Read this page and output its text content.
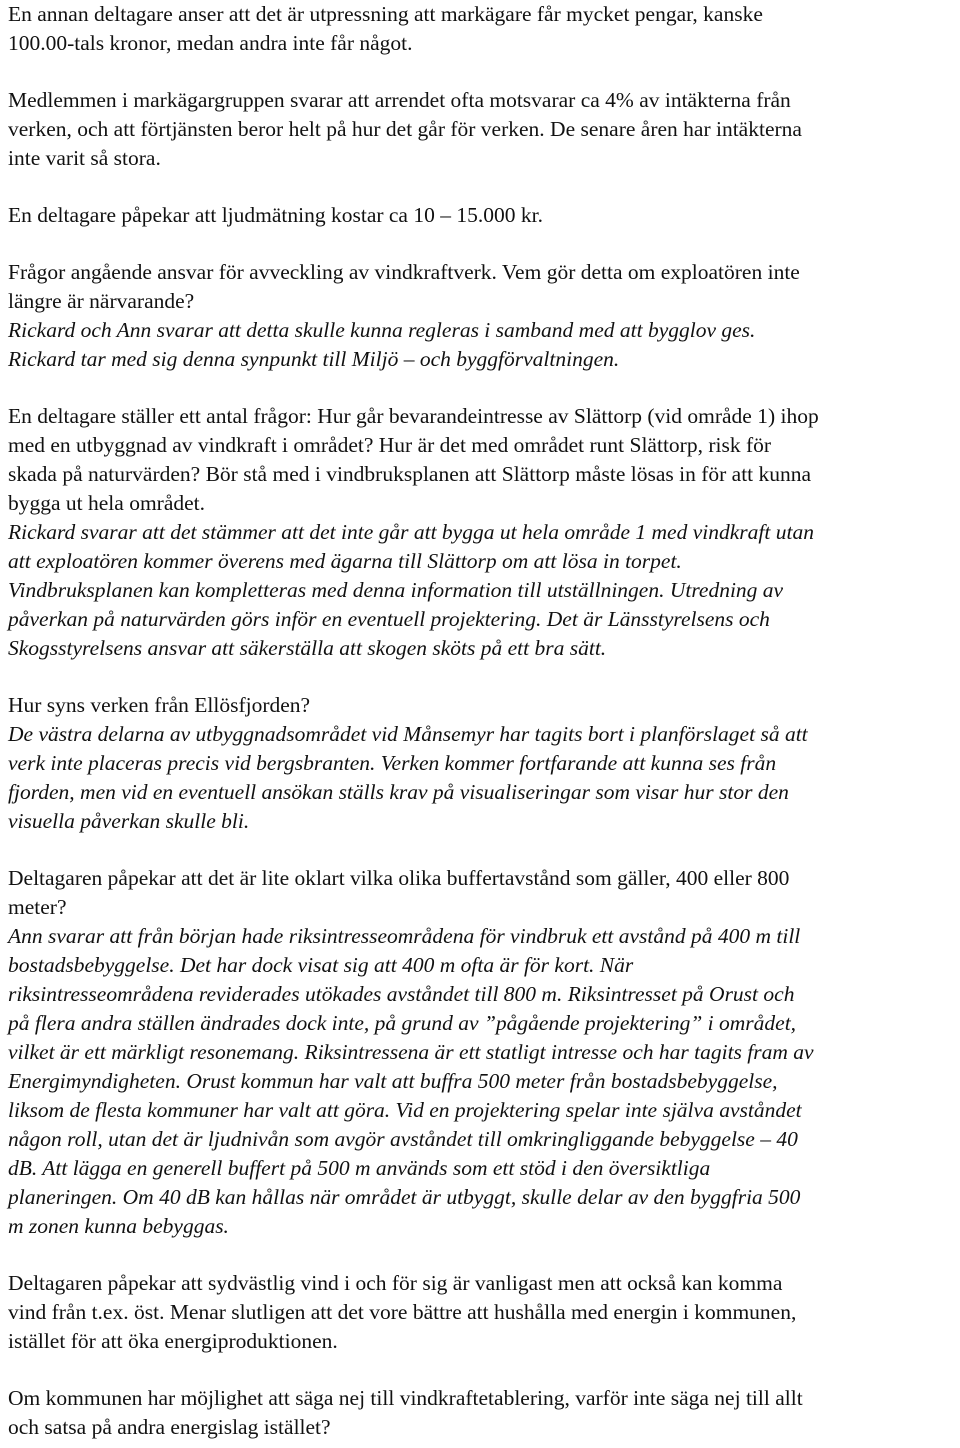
En annan deltagare anser att det är utpressning att markägare får mycket pengar, kanske
100.00-tals kronor, medan andra inte får något.
Medlemmen i markägargruppen svarar att arrendet ofta motsvarar ca 4% av intäkterna från
verken, och att förtjänsten beror helt på hur det går för verken. De senare åren har intäkterna
inte varit så stora.
En deltagare påpekar att ljudmätning kostar ca 10 – 15.000 kr.
Frågor angående ansvar för avveckling av vindkraftverk. Vem gör detta om exploatören inte
längre är närvarande?
Rickard och Ann svarar att detta skulle kunna regleras i samband med att bygglov ges.
Rickard tar med sig denna synpunkt till Miljö – och byggförvaltningen.
En deltagare ställer ett antal frågor: Hur går bevarandeintresse av Slättorp (vid område 1) ihop
med en utbyggnad av vindkraft i området? Hur är det med området runt Slättorp, risk för
skada på naturvärden? Bör stå med i vindbruksplanen att Slättorp måste lösas in för att kunna
bygga ut hela området.
Rickard svarar att det stämmer att det inte går att bygga ut hela område 1 med vindkraft utan
att exploatören kommer överens med ägarna till Slättorp om att lösa in torpet.
Vindbruksplanen kan kompletteras med denna information till utställningen. Utredning av
påverkan på naturvärden görs inför en eventuell projektering. Det är Länsstyrelsens och
Skogsstyrelsens ansvar att säkerställa att skogen sköts på ett bra sätt.
Hur syns verken från Ellösfjorden?
De västra delarna av utbyggnadsområdet vid Månsemyr har tagits bort i planförslaget så att
verk inte placeras precis vid bergsbranten. Verken kommer fortfarande att kunna ses från
fjorden, men vid en eventuell ansökan ställs krav på visualiseringar som visar hur stor den
visuella påverkan skulle bli.
Deltagaren påpekar att det är lite oklart vilka olika buffertavstånd som gäller, 400 eller 800
meter?
Ann svarar att från början hade riksintresseområdena för vindbruk ett avstånd på 400 m till
bostadsbebyggelse. Det har dock visat sig att 400 m ofta är för kort. När
riksintresseområdena reviderades utökades avståndet till 800 m. Riksintresset på Orust och
på flera andra ställen ändrades dock inte, på grund av ”pågående projektering” i området,
vilket är ett märkligt resonemang. Riksintressena är ett statligt intresse och har tagits fram av
Energimyndigheten. Orust kommun har valt att buffra 500 meter från bostadsbebyggelse,
liksom de flesta kommuner har valt att göra. Vid en projektering spelar inte själva avståndet
någon roll, utan det är ljudnivån som avgör avståndet till omkringliggande bebyggelse – 40
dB. Att lägga en generell buffert på 500 m används som ett stöd i den översiktliga
planeringen. Om 40 dB kan hållas när området är utbyggt, skulle delar av den byggfria 500
m zonen kunna bebyggas.
Deltagaren påpekar att sydvästlig vind i och för sig är vanligast men att också kan komma
vind från t.ex. öst. Menar slutligen att det vore bättre att hushålla med energin i kommunen,
istället för att öka energiproduktionen.
Om kommunen har möjlighet att säga nej till vindkraftetablering, varför inte säga nej till allt
och satsa på andra energislag istället?
